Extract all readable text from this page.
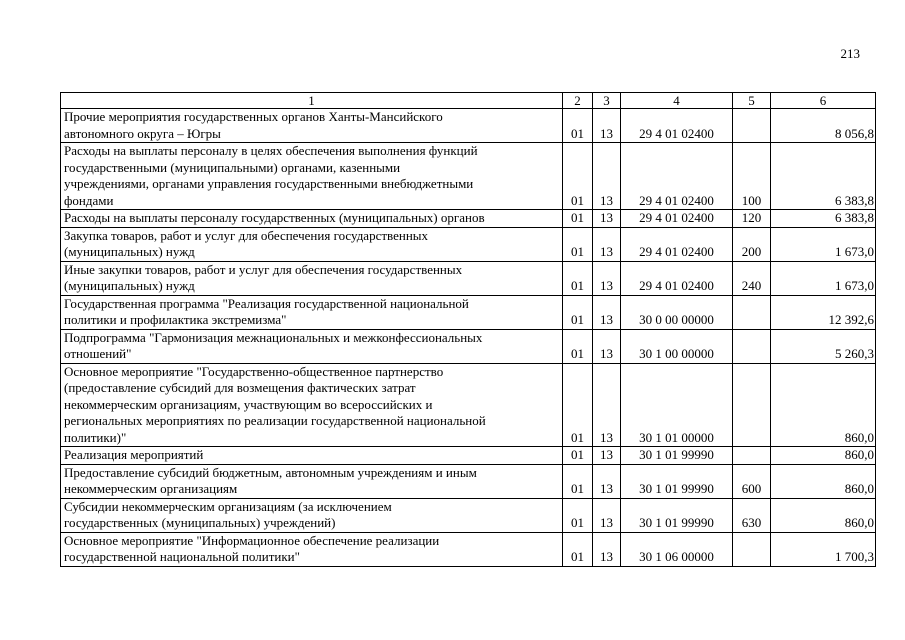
213
1	2	3	4	5	6

Прочие мероприятия государственных органов Ханты-Мансийского
автономного округа – Югры	01	13	29 4 01 02400		8 056,8

Расходы на выплаты персоналу в целях обеспечения выполнения функций
государственными (муниципальными) органами, казенными
учреждениями, органами управления государственными внебюджетными
фондами	01	13	29 4 01 02400	100	6 383,8

Расходы на выплаты персоналу государственных (муниципальных) органов	01	13	29 4 01 02400	120	6 383,8

Закупка товаров, работ и услуг для обеспечения государственных
(муниципальных) нужд	01	13	29 4 01 02400	200	1 673,0

Иные закупки товаров, работ и услуг для обеспечения государственных
(муниципальных) нужд	01	13	29 4 01 02400	240	1 673,0

Государственная программа "Реализация государственной национальной
политики и профилактика экстремизма"	01	13	30 0 00 00000		12 392,6

Подпрограмма "Гармонизация межнациональных и межконфессиональных
отношений"	01	13	30 1 00 00000		5 260,3

Основное мероприятие "Государственно-общественное партнерство
(предоставление субсидий для возмещения фактических затрат
некоммерческим организациям, участвующим во всероссийских и
региональных мероприятиях по реализации государственной национальной
политики)"	01	13	30 1 01 00000		860,0

Реализация мероприятий	01	13	30 1 01 99990		860,0

Предоставление субсидий бюджетным, автономным учреждениям и иным
некоммерческим организациям	01	13	30 1 01 99990	600	860,0

Субсидии некоммерческим организациям (за исключением
государственных (муниципальных) учреждений)	01	13	30 1 01 99990	630	860,0

Основное мероприятие "Информационное обеспечение реализации
государственной национальной политики"	01	13	30 1 06 00000		1 700,3
